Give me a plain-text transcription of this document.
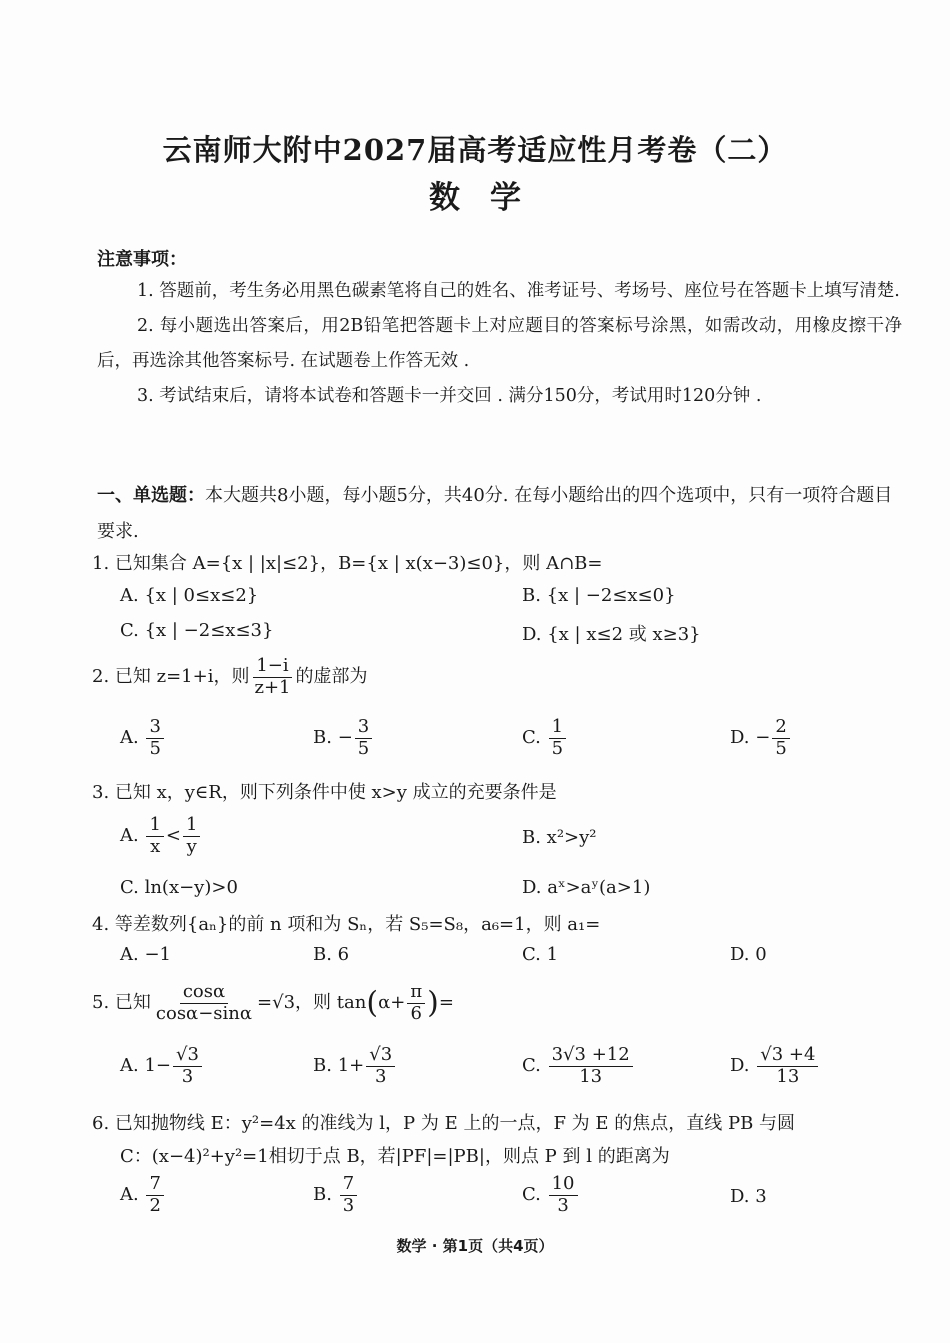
云南师大附中2027届高考适应性月考卷（二）
数学
注意事项：

1. 答题前，考生务必用黑色碳素笔将自己的姓名、准考证号、考场号、座位号在答题卡上填写清楚.

2. 每小题选出答案后，用2B铅笔把答题卡上对应题目的答案标号涂黑，如需改动，用橡皮擦干净后，再选涂其他答案标号. 在试题卷上作答无效 .

3. 考试结束后，请将本试卷和答题卡一并交回 . 满分150分，考试用时120分钟 .

一、单选题：本大题共8小题，每小题5分，共40分. 在每小题给出的四个选项中，只有一项符合题目要求.
1. 已知集合 A={x | |x|≤2}，B={x | x(x−3)≤0}，则 A∩B=
A. {x | 0≤x≤2}	B. {x | −2≤x≤0}
C. {x | −2≤x≤3}	D. {x | x≤2 或 x≥3}
2. 已知 z=1+i，则 $\frac{1-i}{z+1}$ 的虚部为
A. $\frac{3}{5}$	B. − $\frac{3}{5}$	C. $\frac{1}{5}$	D. − $\frac{2}{5}$
3. 已知 x，y∈R，则下列条件中使 x>y 成立的充要条件是
A. $\frac{1}{x} < \frac{1}{y}$	B. x²>y²
C. ln(x−y)>0	D. aˣ>aʸ(a>1)
4. 等差数列{aₙ}的前 n 项和为 Sₙ，若 S₅=S₈，a₆=1，则 a₁=
A. −1	B. 6	C. 1	D. 0
5. 已知 $\frac{\cos\alpha}{\cos\alpha-\sin\alpha} =√3$，则 $\tan(\alpha+ \frac{\pi}{6}$ )=
A. $1- \frac{√3}{3}$	B. $1+ \frac{√3}{3}$	C. $\frac{3√3 +12}{13}$	D. $\frac{√3 +4}{13}$
6. 已知抛物线 E：y²=4x 的准线为 l，P 为 E 上的一点，F 为 E 的焦点，直线 PB 与圆
C：(x−4)²+y²=1相切于点 B，若|PF|=|PB|，则点 P 到 l 的距离为
A. $\frac{7}{2}$	B. $\frac{7}{3}$	C. $\frac{10}{3}$	D. 3
数学 · 第1页（共4页）
